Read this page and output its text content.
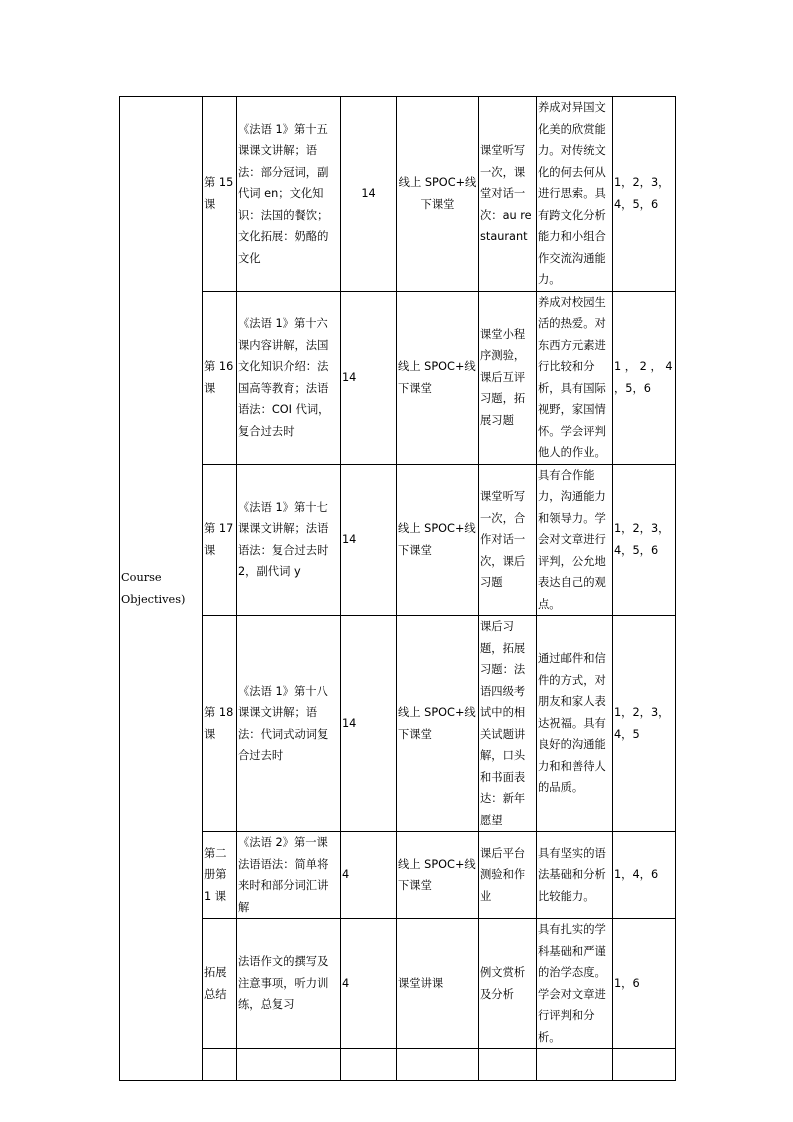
Course
Objectives)	第 15 课	《法语 1》第十五课课文讲解；语法：部分冠词，副代词 en；文化知识：法国的餐饮；文化拓展：奶酪的文化	14	线上 SPOC+线下课堂	课堂听写一次，课堂对话一次：au restaurant	养成对异国文化美的欣赏能力。对传统文化的何去何从进行思索。具有跨文化分析能力和小组合作交流沟通能力。	1，2，3，4，5，6
	第 16 课	《法语 1》第十六课内容讲解，法国文化知识介绍：法国高等教育；法语语法：COI 代词，复合过去时	14	线上 SPOC+线下课堂	课堂小程序测验，课后互评习题，拓展习题	养成对校园生活的热爱。对东西方元素进行比较和分析，具有国际视野，家国情怀。学会评判他人的作业。	1 ， 2 ， 4 ，5，6
	第 17 课	《法语 1》第十七课课文讲解；法语语法：复合过去时 2，副代词 y	14	线上 SPOC+线下课堂	课堂听写一次，合作对话一次，课后习题	具有合作能力，沟通能力和领导力。学会对文章进行评判，公允地表达自己的观点。	1，2，3，4，5，6
	第 18 课	《法语 1》第十八课课文讲解；语法：代词式动词复合过去时	14	线上 SPOC+线下课堂	课后习题，拓展习题：法语四级考试中的相关试题讲解，口头和书面表达：新年愿望	通过邮件和信件的方式，对朋友和家人表达祝福。具有良好的沟通能力和和善待人的品质。	1，2，3，4，5
	第二册第 1 课	《法语 2》第一课法语语法：简单将来时和部分词汇讲解	4	线上 SPOC+线下课堂	课后平台测验和作业	具有坚实的语法基础和分析比较能力。	1，4，6
	拓展总结	法语作文的撰写及注意事项，听力训练，总复习	4	课堂讲课	例文赏析及分析	具有扎实的学科基础和严谨的治学态度。学会对文章进行评判和分析。	1，6
